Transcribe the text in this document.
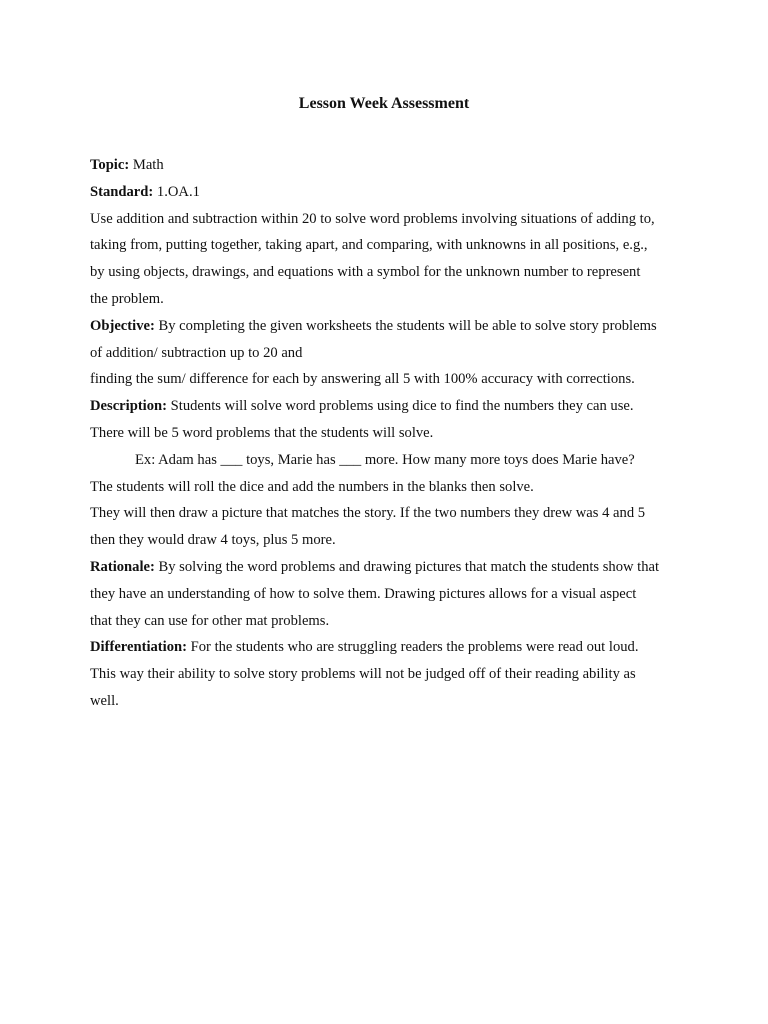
Lesson Week Assessment

Topic: Math

Standard: 1.OA.1

Use addition and subtraction within 20 to solve word problems involving situations of adding to,

taking from, putting together, taking apart, and comparing, with unknowns in all positions, e.g.,

by using objects, drawings, and equations with a symbol for the unknown number to represent

the problem.

Objective: By completing the given worksheets the students will be able to solve story problems

of addition/ subtraction up to 20 and

finding the sum/ difference for each by answering all 5 with 100% accuracy with corrections.

Description: Students will solve word problems using dice to find the numbers they can use.

There will be 5 word problems that the students will solve.

Ex: Adam has ___ toys, Marie has ___ more. How many more toys does Marie have?

The students will roll the dice and add the numbers in the blanks then solve.

They will then draw a picture that matches the story. If the two numbers they drew was 4 and 5

then they would draw 4 toys, plus 5 more.

Rationale: By solving the word problems and drawing pictures that match the students show that

they have an understanding of how to solve them. Drawing pictures allows for a visual aspect

that they can use for other mat problems.

Differentiation: For the students who are struggling readers the problems were read out loud.

This way their ability to solve story problems will not be judged off of their reading ability as

well.
